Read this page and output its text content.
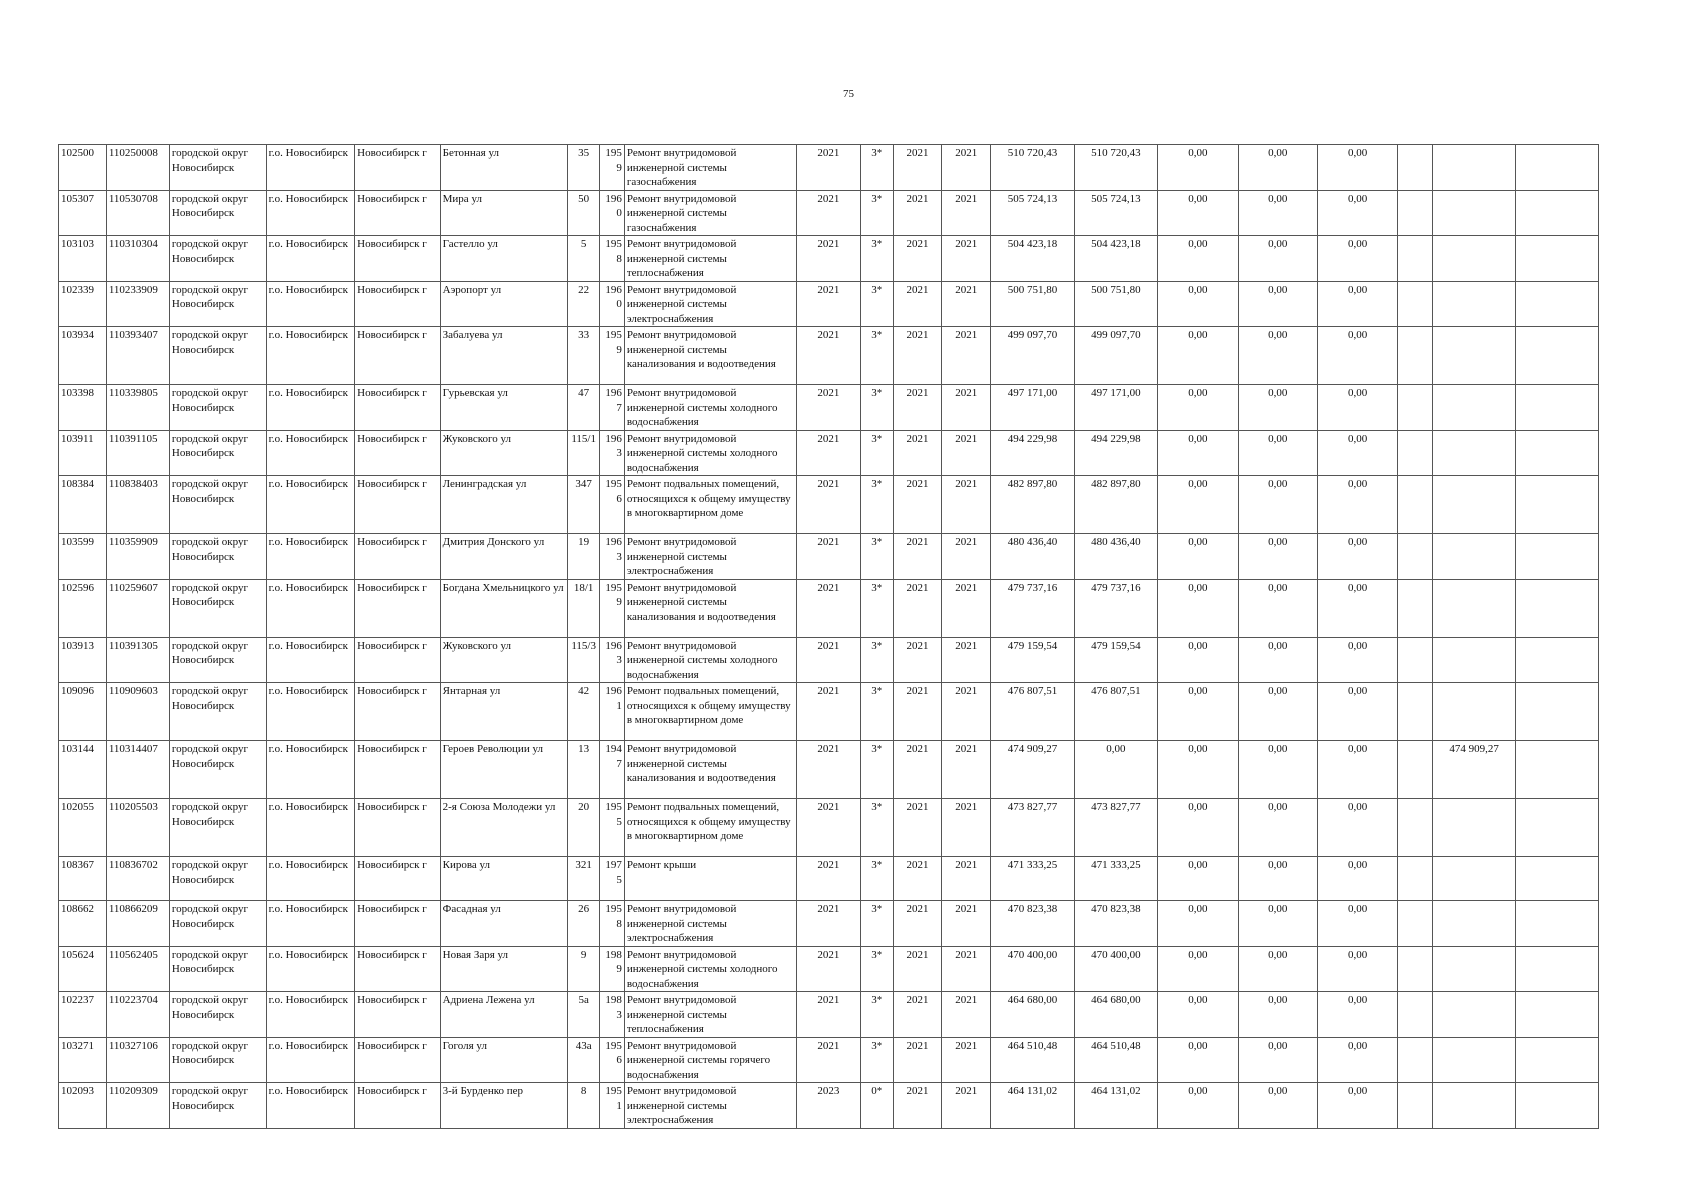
75
102500	110250008	городской округ Новосибирск	г.о. Новосибирск	Новосибирск г	Бетонная ул	35	1959	Ремонт внутридомовой инженерной системы газоснабжения	2021	3*	2021	2021	510 720,43	510 720,43	0,00	0,00	0,00			
105307	110530708	городской округ Новосибирск	г.о. Новосибирск	Новосибирск г	Мира ул	50	1960	Ремонт внутридомовой инженерной системы газоснабжения	2021	3*	2021	2021	505 724,13	505 724,13	0,00	0,00	0,00			
103103	110310304	городской округ Новосибирск	г.о. Новосибирск	Новосибирск г	Гастелло ул	5	1958	Ремонт внутридомовой инженерной системы теплоснабжения	2021	3*	2021	2021	504 423,18	504 423,18	0,00	0,00	0,00			
102339	110233909	городской округ Новосибирск	г.о. Новосибирск	Новосибирск г	Аэропорт ул	22	1960	Ремонт внутридомовой инженерной системы электроснабжения	2021	3*	2021	2021	500 751,80	500 751,80	0,00	0,00	0,00			
103934	110393407	городской округ Новосибирск	г.о. Новосибирск	Новосибирск г	Забалуева ул	33	1959	Ремонт внутридомовой инженерной системы канализования и водоотведения	2021	3*	2021	2021	499 097,70	499 097,70	0,00	0,00	0,00			
103398	110339805	городской округ Новосибирск	г.о. Новосибирск	Новосибирск г	Гурьевская ул	47	1967	Ремонт внутридомовой инженерной системы холодного водоснабжения	2021	3*	2021	2021	497 171,00	497 171,00	0,00	0,00	0,00			
103911	110391105	городской округ Новосибирск	г.о. Новосибирск	Новосибирск г	Жуковского ул	115/1	1963	Ремонт внутридомовой инженерной системы холодного водоснабжения	2021	3*	2021	2021	494 229,98	494 229,98	0,00	0,00	0,00			
108384	110838403	городской округ Новосибирск	г.о. Новосибирск	Новосибирск г	Ленинградская ул	347	1956	Ремонт подвальных помещений, относящихся к общему имуществу в многоквартирном доме	2021	3*	2021	2021	482 897,80	482 897,80	0,00	0,00	0,00			
103599	110359909	городской округ Новосибирск	г.о. Новосибирск	Новосибирск г	Дмитрия Донского ул	19	1963	Ремонт внутридомовой инженерной системы электроснабжения	2021	3*	2021	2021	480 436,40	480 436,40	0,00	0,00	0,00			
102596	110259607	городской округ Новосибирск	г.о. Новосибирск	Новосибирск г	Богдана Хмельницкого ул	18/1	1959	Ремонт внутридомовой инженерной системы канализования и водоотведения	2021	3*	2021	2021	479 737,16	479 737,16	0,00	0,00	0,00			
103913	110391305	городской округ Новосибирск	г.о. Новосибирск	Новосибирск г	Жуковского ул	115/3	1963	Ремонт внутридомовой инженерной системы холодного водоснабжения	2021	3*	2021	2021	479 159,54	479 159,54	0,00	0,00	0,00			
109096	110909603	городской округ Новосибирск	г.о. Новосибирск	Новосибирск г	Янтарная ул	42	1961	Ремонт подвальных помещений, относящихся к общему имуществу в многоквартирном доме	2021	3*	2021	2021	476 807,51	476 807,51	0,00	0,00	0,00			
103144	110314407	городской округ Новосибирск	г.о. Новосибирск	Новосибирск г	Героев Революции ул	13	1947	Ремонт внутридомовой инженерной системы канализования и водоотведения	2021	3*	2021	2021	474 909,27	0,00	0,00	0,00	0,00		474 909,27	
102055	110205503	городской округ Новосибирск	г.о. Новосибирск	Новосибирск г	2-я Союза Молодежи ул	20	1955	Ремонт подвальных помещений, относящихся к общему имуществу в многоквартирном доме	2021	3*	2021	2021	473 827,77	473 827,77	0,00	0,00	0,00			
108367	110836702	городской округ Новосибирск	г.о. Новосибирск	Новосибирск г	Кирова ул	321	1975	Ремонт крыши	2021	3*	2021	2021	471 333,25	471 333,25	0,00	0,00	0,00			
108662	110866209	городской округ Новосибирск	г.о. Новосибирск	Новосибирск г	Фасадная ул	26	1958	Ремонт внутридомовой инженерной системы электроснабжения	2021	3*	2021	2021	470 823,38	470 823,38	0,00	0,00	0,00			
105624	110562405	городской округ Новосибирск	г.о. Новосибирск	Новосибирск г	Новая Заря ул	9	1989	Ремонт внутридомовой инженерной системы холодного водоснабжения	2021	3*	2021	2021	470 400,00	470 400,00	0,00	0,00	0,00			
102237	110223704	городской округ Новосибирск	г.о. Новосибирск	Новосибирск г	Адриена Лежена ул	5а	1983	Ремонт внутридомовой инженерной системы теплоснабжения	2021	3*	2021	2021	464 680,00	464 680,00	0,00	0,00	0,00			
103271	110327106	городской округ Новосибирск	г.о. Новосибирск	Новосибирск г	Гоголя ул	43а	1956	Ремонт внутридомовой инженерной системы горячего водоснабжения	2021	3*	2021	2021	464 510,48	464 510,48	0,00	0,00	0,00			
102093	110209309	городской округ Новосибирск	г.о. Новосибирск	Новосибирск г	3-й Бурденко пер	8	1951	Ремонт внутридомовой инженерной системы электроснабжения	2023	0*	2021	2021	464 131,02	464 131,02	0,00	0,00	0,00			
